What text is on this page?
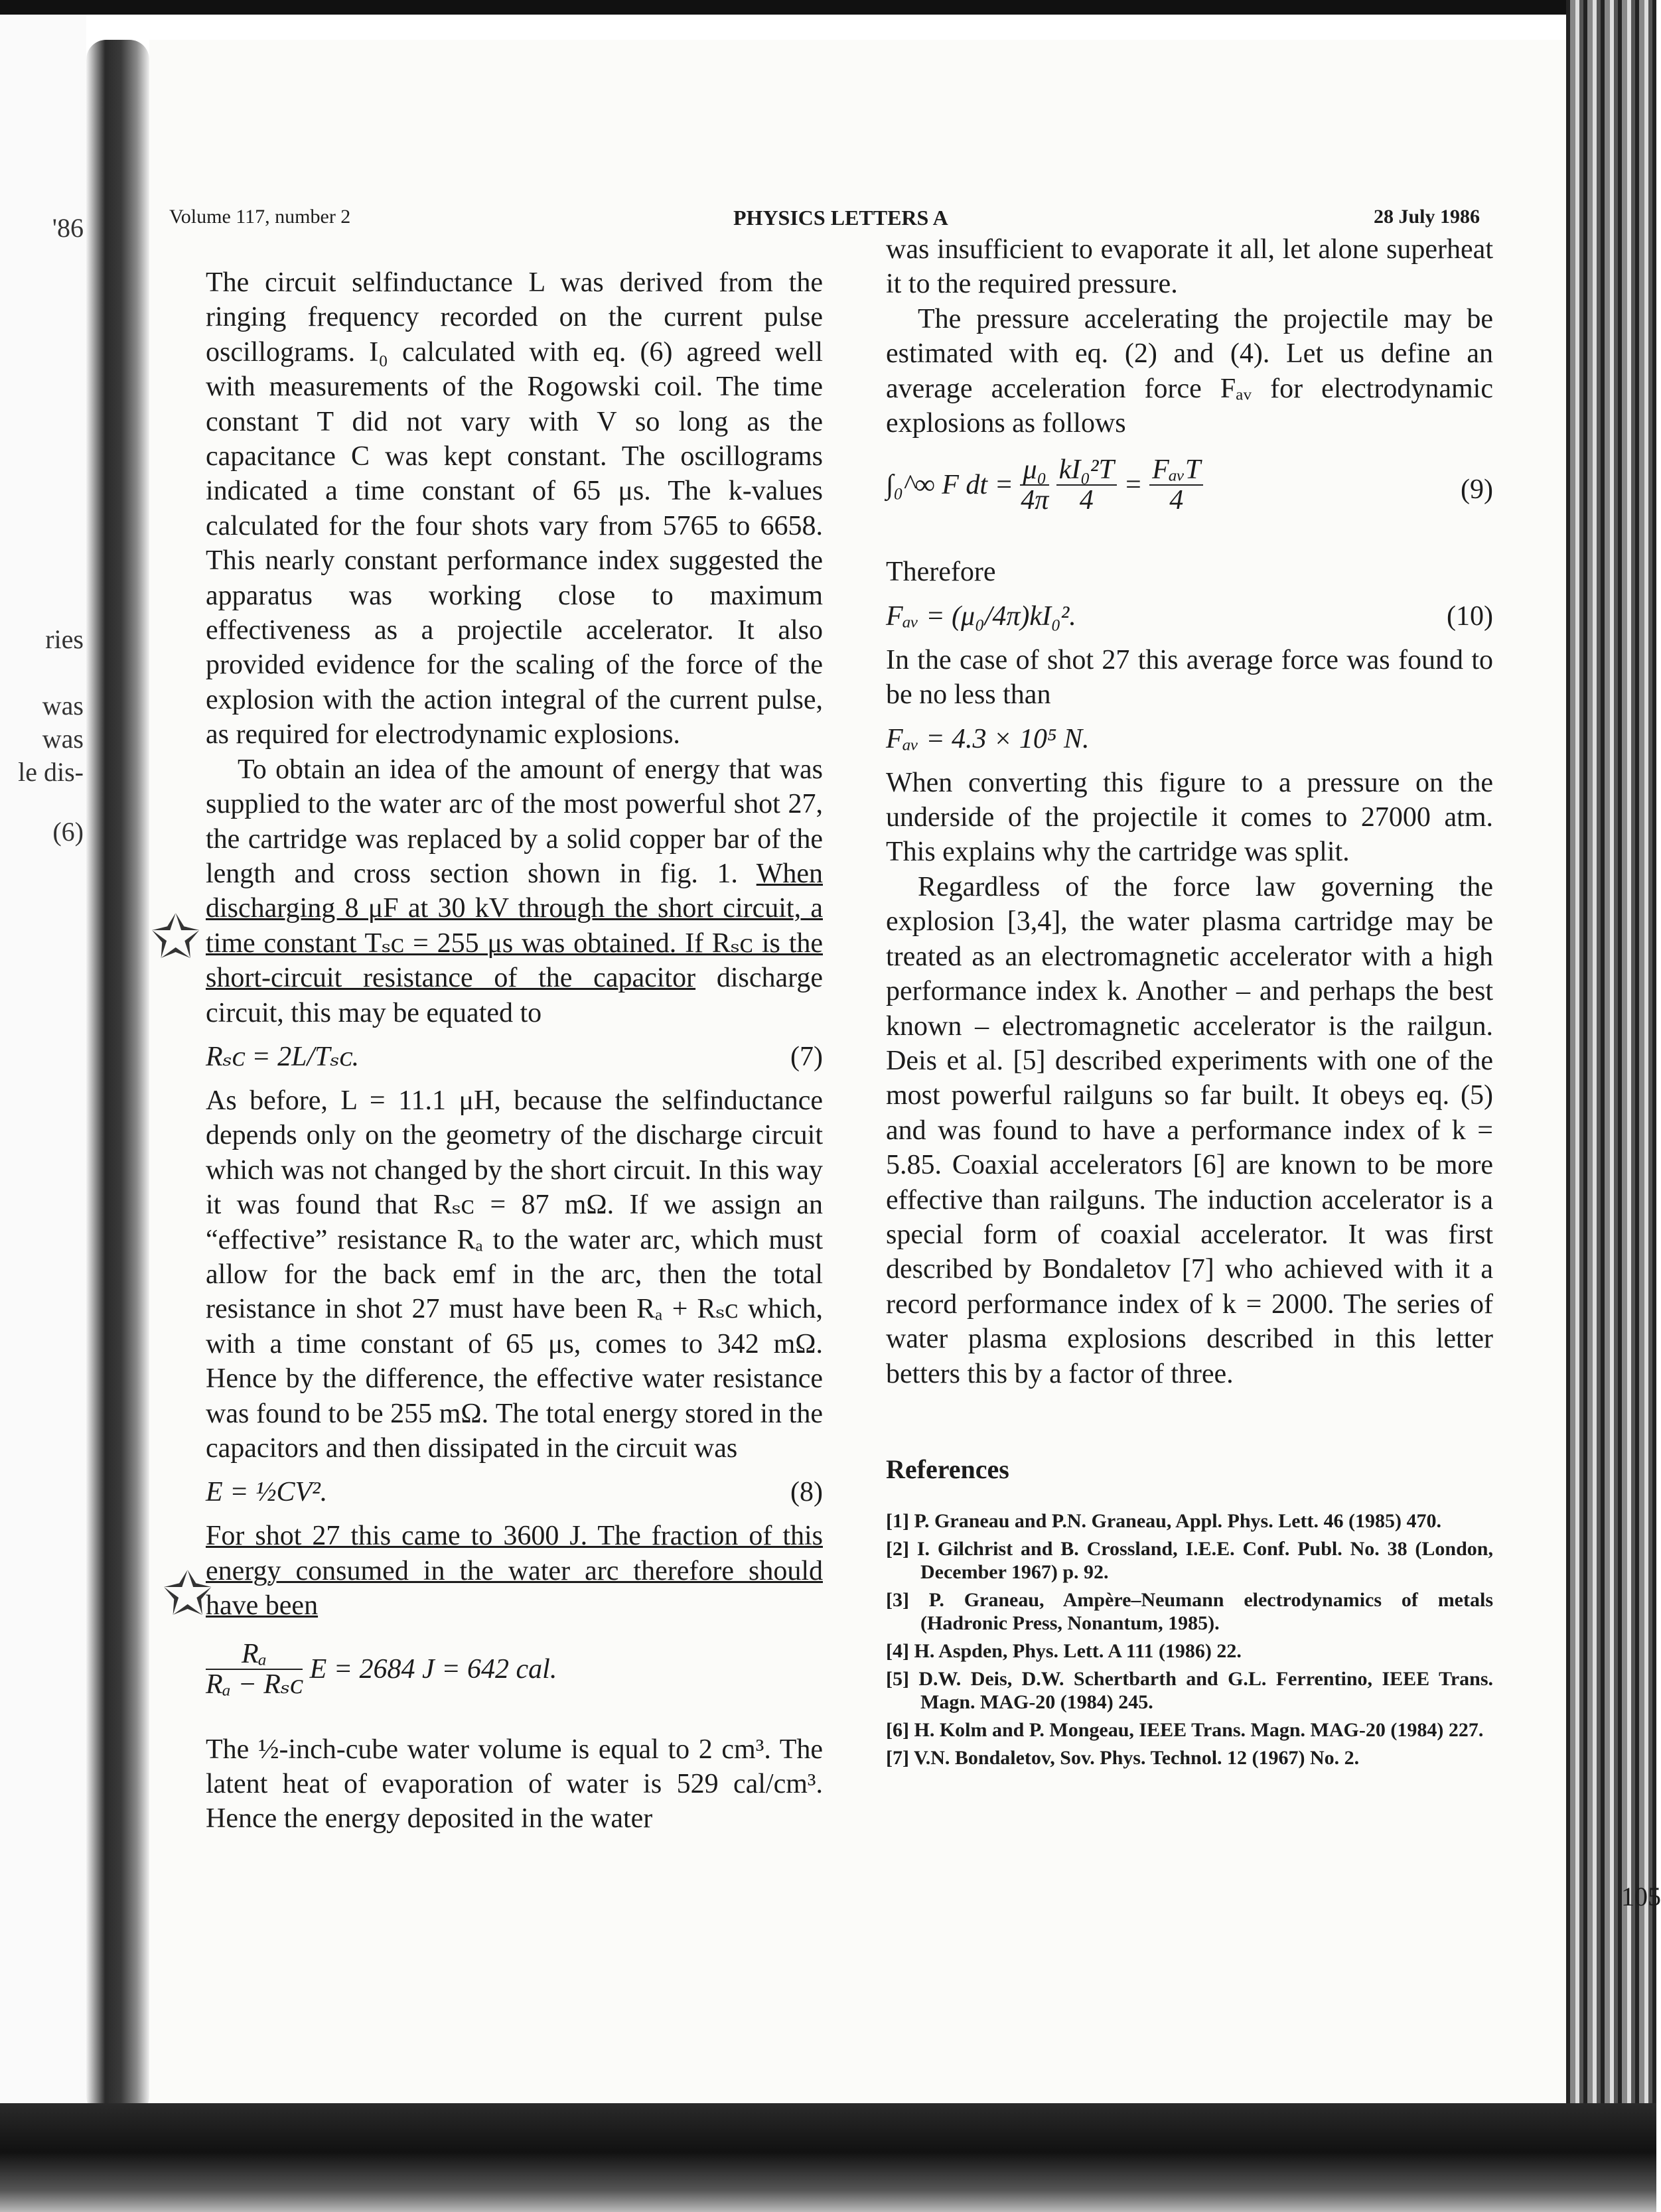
'86
ries
was
was
le dis-
(6)
Volume 117, number 2	PHYSICS LETTERS A	28 July 1986

The circuit selfinductance L was derived from the ringing frequency recorded on the current pulse oscillograms. I₀ calculated with eq. (6) agreed well with measurements of the Rogowski coil. The time constant T did not vary with V so long as the capacitance C was kept constant. The oscillograms indicated a time constant of 65 μs. The k-values calculated for the four shots vary from 5765 to 6658. This nearly constant performance index suggested the apparatus was working close to maximum effectiveness as a projectile accelerator. It also provided evidence for the scaling of the force of the explosion with the action integral of the current pulse, as required for electrodynamic explosions.

To obtain an idea of the amount of energy that was supplied to the water arc of the most powerful shot 27, the cartridge was replaced by a solid copper bar of the length and cross section shown in fig. 1. When discharging 8 μF at 30 kV through the short circuit, a time constant Tₛᴄ = 255 μs was obtained. If Rₛᴄ is the short-circuit resistance of the capacitor discharge circuit, this may be equated to

Rₛᴄ = 2L/Tₛᴄ.	(7)

As before, L = 11.1 μH, because the selfinductance depends only on the geometry of the discharge circuit which was not changed by the short circuit. In this way it was found that Rₛᴄ = 87 mΩ. If we assign an “effective” resistance Rₐ to the water arc, which must allow for the back emf in the arc, then the total resistance in shot 27 must have been Rₐ + Rₛᴄ which, with a time constant of 65 μs, comes to 342 mΩ. Hence by the difference, the effective water resistance was found to be 255 mΩ. The total energy stored in the capacitors and then dissipated in the circuit was

E = ½CV².	(8)

For shot 27 this came to 3600 J. The fraction of this energy consumed in the water arc therefore should have been

$\frac{\text{Rₐ}}{\text{Rₐ − Rₛᴄ}}$ E = 2684 J = 642 cal.

The ½-inch-cube water volume is equal to 2 cm³. The latent heat of evaporation of water is 529 cal/cm³. Hence the energy deposited in the water

was insufficient to evaporate it all, let alone superheat it to the required pressure.

The pressure accelerating the projectile may be estimated with eq. (2) and (4). Let us define an average acceleration force Fₐᵥ for electrodynamic explosions as follows

∫₀^∞ F dt = $\frac{\text{μ₀}}{4\pi}$
$\frac{\text{kI₀²T}}{4} = \frac{\text{FₐᵥT}}{4}$	(9)

Therefore

Fₐᵥ = (μ₀/4π)kI₀².	(10)

In the case of shot 27 this average force was found to be no less than

Fₐᵥ = 4.3 × 10⁵ N.

When converting this figure to a pressure on the underside of the projectile it comes to 27000 atm. This explains why the cartridge was split.

Regardless of the force law governing the explosion [3,4], the water plasma cartridge may be treated as an electromagnetic accelerator with a high performance index k. Another – and perhaps the best known – electromagnetic accelerator is the railgun. Deis et al. [5] described experiments with one of the most powerful railguns so far built. It obeys eq. (5) and was found to have a performance index of k = 5.85. Coaxial accelerators [6] are known to be more effective than railguns. The induction accelerator is a special form of coaxial accelerator. It was first described by Bondaletov [7] who achieved with it a record performance index of k = 2000. The series of water plasma explosions described in this letter betters this by a factor of three.

References
[1] P. Graneau and P.N. Graneau, Appl. Phys. Lett. 46 (1985) 470.
[2] I. Gilchrist and B. Crossland, I.E.E. Conf. Publ. No. 38 (London, December 1967) p. 92.
[3] P. Graneau, Ampère–Neumann electrodynamics of metals (Hadronic Press, Nonantum, 1985).
[4] H. Aspden, Phys. Lett. A 111 (1986) 22.
[5] D.W. Deis, D.W. Schertbarth and G.L. Ferrentino, IEEE Trans. Magn. MAG-20 (1984) 245.
[6] H. Kolm and P. Mongeau, IEEE Trans. Magn. MAG-20 (1984) 227.
[7] V.N. Bondaletov, Sov. Phys. Technol. 12 (1967) No. 2.
105
✩
✩
